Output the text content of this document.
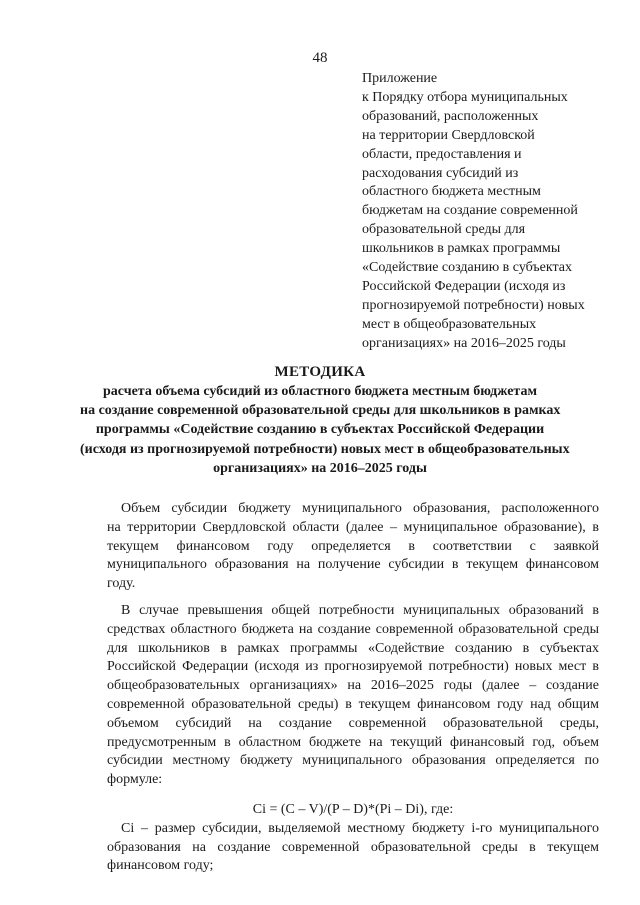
48
Приложение
к Порядку отбора муниципальных
образований, расположенных
на территории Свердловской
области, предоставления и
расходования субсидий из
областного бюджета местным
бюджетам на создание современной
образовательной среды для
школьников в рамках программы
«Содействие созданию в субъектах
Российской Федерации (исходя из
прогнозируемой потребности) новых
мест в общеобразовательных
организациях» на 2016–2025 годы
МЕТОДИКА
расчета объема субсидий из областного бюджета местным бюджетам
на создание современной образовательной среды для школьников в рамках
программы «Содействие созданию в субъектах Российской Федерации
(исходя из прогнозируемой потребности) новых мест в общеобразовательных
организациях» на 2016–2025 годы

Объем субсидии бюджету муниципального образования, расположенного
на территории Свердловской области (далее – муниципальное образование), в
текущем финансовом году определяется в соответствии с заявкой
муниципального образования на получение субсидии в текущем финансовом
году.

В случае превышения общей потребности муниципальных образований в
средствах областного бюджета на создание современной образовательной среды
для школьников в рамках программы «Содействие созданию в субъектах
Российской Федерации (исходя из прогнозируемой потребности) новых мест в
общеобразовательных организациях» на 2016–2025 годы (далее – создание
современной образовательной среды) в текущем финансовом году над общим
объемом субсидий на создание современной образовательной среды,
предусмотренным в областном бюджете на текущий финансовый год, объем
субсидии местному бюджету муниципального образования определяется по
формуле:

Ci = (C – V)/(P – D)*(Pi – Di), где:

Ci – размер субсидии, выделяемой местному бюджету i-го муниципального
образования на создание современной образовательной среды в текущем
финансовом году;
